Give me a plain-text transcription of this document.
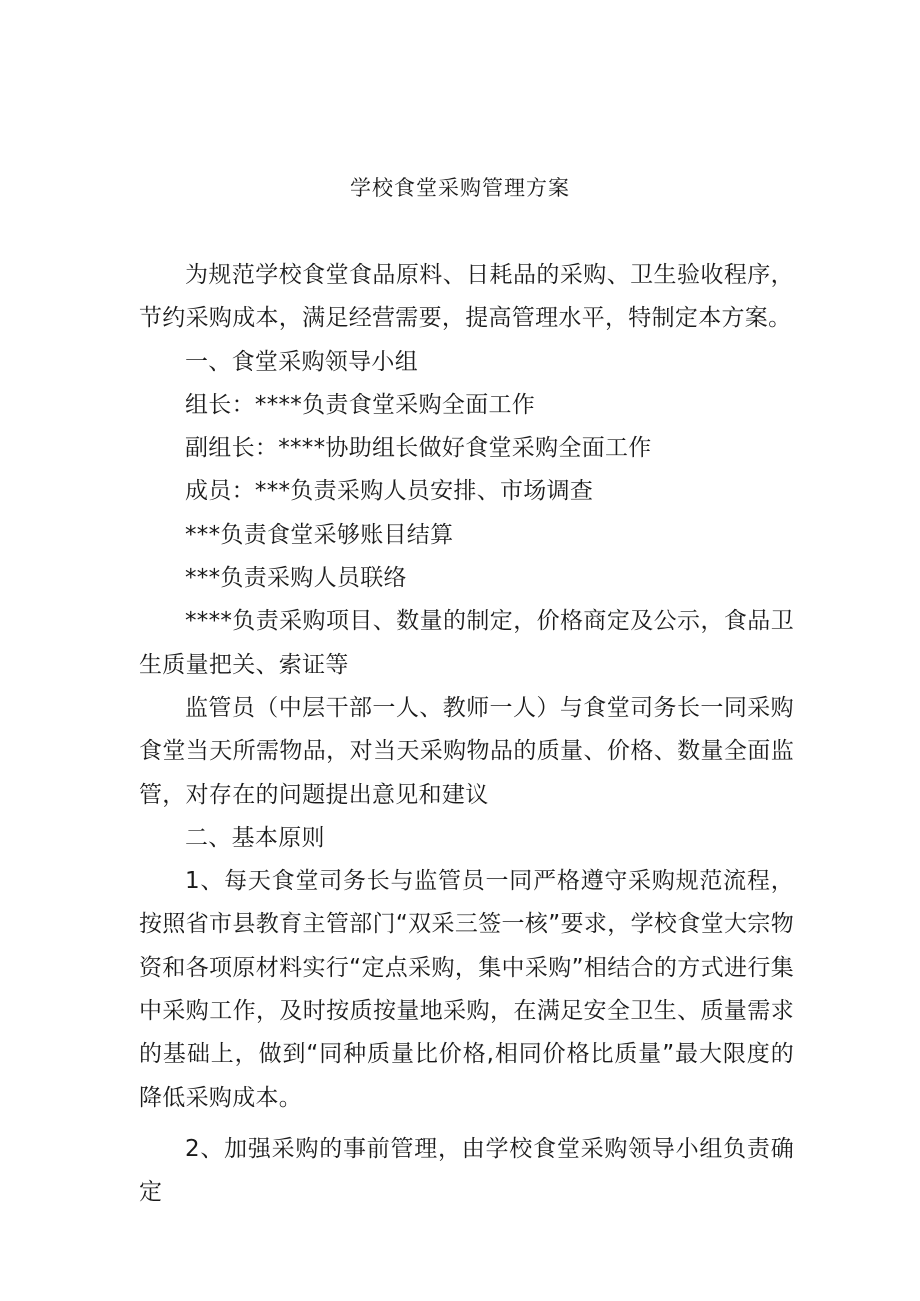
学校食堂采购管理方案

为规范学校食堂食品原料、日耗品的采购、卫生验收程序，节约采购成本，满足经营需要，提高管理水平，特制定本方案。

一、食堂采购领导小组

组长：****负责食堂采购全面工作

副组长：****协助组长做好食堂采购全面工作

成员：***负责采购人员安排、市场调查

***负责食堂采够账目结算

***负责采购人员联络

****负责采购项目、数量的制定，价格商定及公示，食品卫生质量把关、索证等

监管员（中层干部一人、教师一人）与食堂司务长一同采购食堂当天所需物品，对当天采购物品的质量、价格、数量全面监管，对存在的问题提出意见和建议

二、基本原则

1、每天食堂司务长与监管员一同严格遵守采购规范流程，按照省市县教育主管部门“双采三签一核”要求，学校食堂大宗物资和各项原材料实行“定点采购，集中采购”相结合的方式进行集中采购工作，及时按质按量地采购，在满足安全卫生、质量需求的基础上，做到“同种质量比价格,相同价格比质量”最大限度的降低采购成本。

2、加强采购的事前管理，由学校食堂采购领导小组负责确定
